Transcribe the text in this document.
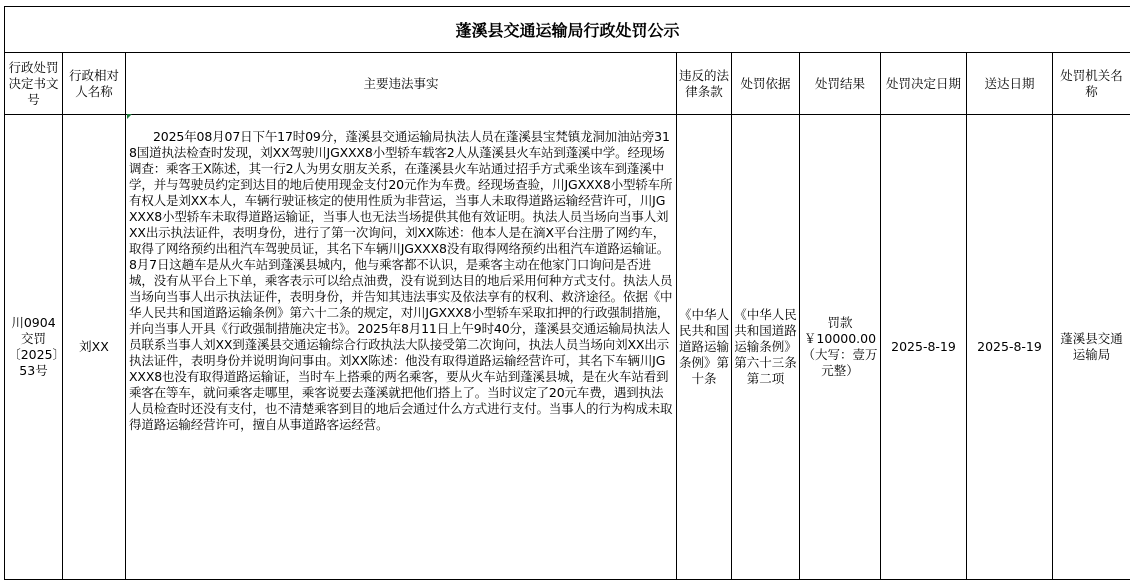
蓬溪县交通运输局行政处罚公示								
行政处罚决定书文号	行政相对人名称	主要违法事实	违反的法律条款	处罚依据	处罚结果	处罚决定日期	送达日期	处罚机关名称
川0904交罚〔2025〕53号	刘XX	2025年08月07日下午17时09分，蓬溪县交通运输局执法人员在蓬溪县宝梵镇龙洞加油站旁318国道执法检查时发现，刘XX驾驶川JGXXX8小型轿车载客2人从蓬溪县火车站到蓬溪中学。经现场调查：乘客王X陈述，其一行2人为男女朋友关系，在蓬溪县火车站通过招手方式乘坐该车到蓬溪中学，并与驾驶员约定到达目的地后使用现金支付20元作为车费。经现场查验，川JGXXX8小型轿车所有权人是刘XX本人，车辆行驶证核定的使用性质为非营运，当事人未取得道路运输经营许可，川JGXXX8小型轿车未取得道路运输证，当事人也无法当场提供其他有效证明。执法人员当场向当事人刘XX出示执法证件，表明身份，进行了第一次询问，刘XX陈述：他本人是在滴X平台注册了网约车，取得了网络预约出租汽车驾驶员证，其名下车辆川JGXXX8没有取得网络预约出租汽车道路运输证。8月7日这趟车是从火车站到蓬溪县城内，他与乘客都不认识，是乘客主动在他家门口询问是否进城，没有从平台上下单，乘客表示可以给点油费，没有说到达目的地后采用何种方式支付。执法人员当场向当事人出示执法证件，表明身份，并告知其违法事实及依法享有的权利、救济途径。依据《中华人民共和国道路运输条例》第六十二条的规定，对川JGXXX8小型轿车采取扣押的行政强制措施，并向当事人开具《行政强制措施决定书》。2025年8月11日上午9时40分，蓬溪县交通运输局执法人员联系当事人刘XX到蓬溪县交通运输综合行政执法大队接受第二次询问，执法人员当场向刘XX出示执法证件，表明身份并说明询问事由。刘XX陈述：他没有取得道路运输经营许可，其名下车辆川JGXXX8也没有取得道路运输证，当时车上搭乘的两名乘客，要从火车站到蓬溪县城，是在火车站看到乘客在等车，就问乘客走哪里，乘客说要去蓬溪就把他们搭上了。当时议定了20元车费，遇到执法人员检查时还没有支付，也不清楚乘客到目的地后会通过什么方式进行支付。当事人的行为构成未取得道路运输经营许可，擅自从事道路客运经营。	《中华人民共和国道路运输条例》第十条	《中华人民共和国道路运输条例》第六十三条第二项	罚款￥10000.00（大写：壹万元整）	2025-8-19	2025-8-19	蓬溪县交通运输局
